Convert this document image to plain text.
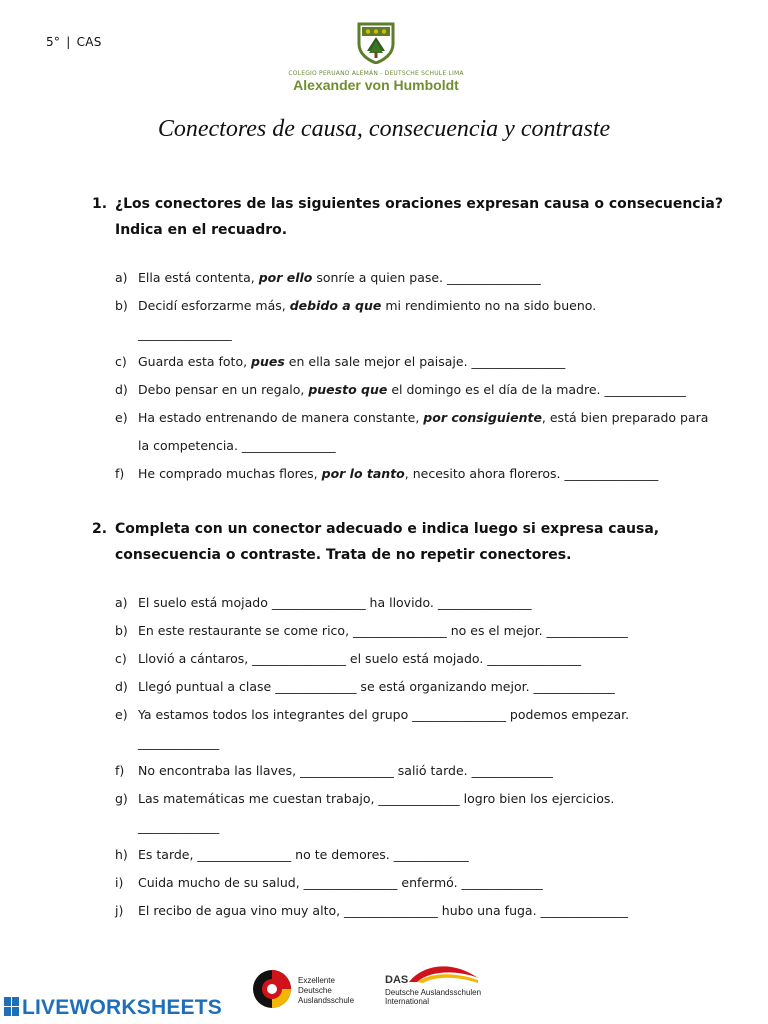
5° | CAS
COLEGIO PERUANO ALEMÁN - DEUTSCHE SCHULE LIMA
Alexander von Humboldt
Conectores de causa, consecuencia y contraste
1. ¿Los conectores de las siguientes oraciones expresan causa o consecuencia?
Indica en el recuadro.
a) Ella está contenta, por ello sonríe a quien pase. _______________
b) Decidí esforzarme más, debido a que mi rendimiento no na sido bueno.
_______________
c) Guarda esta foto, pues en ella sale mejor el paisaje. _______________
d) Debo pensar en un regalo, puesto que el domingo es el día de la madre. _____________
e) Ha estado entrenando de manera constante, por consiguiente, está bien preparado para
la competencia. _______________
f) He comprado muchas flores, por lo tanto, necesito ahora floreros. _______________
2. Completa con un conector adecuado e indica luego si expresa causa,
consecuencia o contraste. Trata de no repetir conectores.
a) El suelo está mojado _______________ ha llovido. _______________
b) En este restaurante se come rico, _______________ no es el mejor. _____________
c) Llovió a cántaros, _______________ el suelo está mojado. _______________
d) Llegó puntual a clase _____________ se está organizando mejor. _____________
e) Ya estamos todos los integrantes del grupo _______________ podemos empezar.
_____________
f) No encontraba las llaves, _______________ salió tarde. _____________
g) Las matemáticas me cuestan trabajo, _____________ logro bien los ejercicios.
_____________
h) Es tarde, _______________ no te demores. ____________
i) Cuida mucho de su salud, _______________ enfermó. _____________
j) El recibo de agua vino muy alto, _______________ hubo una fuga. ______________
LIVEWORKSHEETS
Exzellente
Deutsche
Auslandsschule
DAS
Deutsche Auslandsschulen
International
